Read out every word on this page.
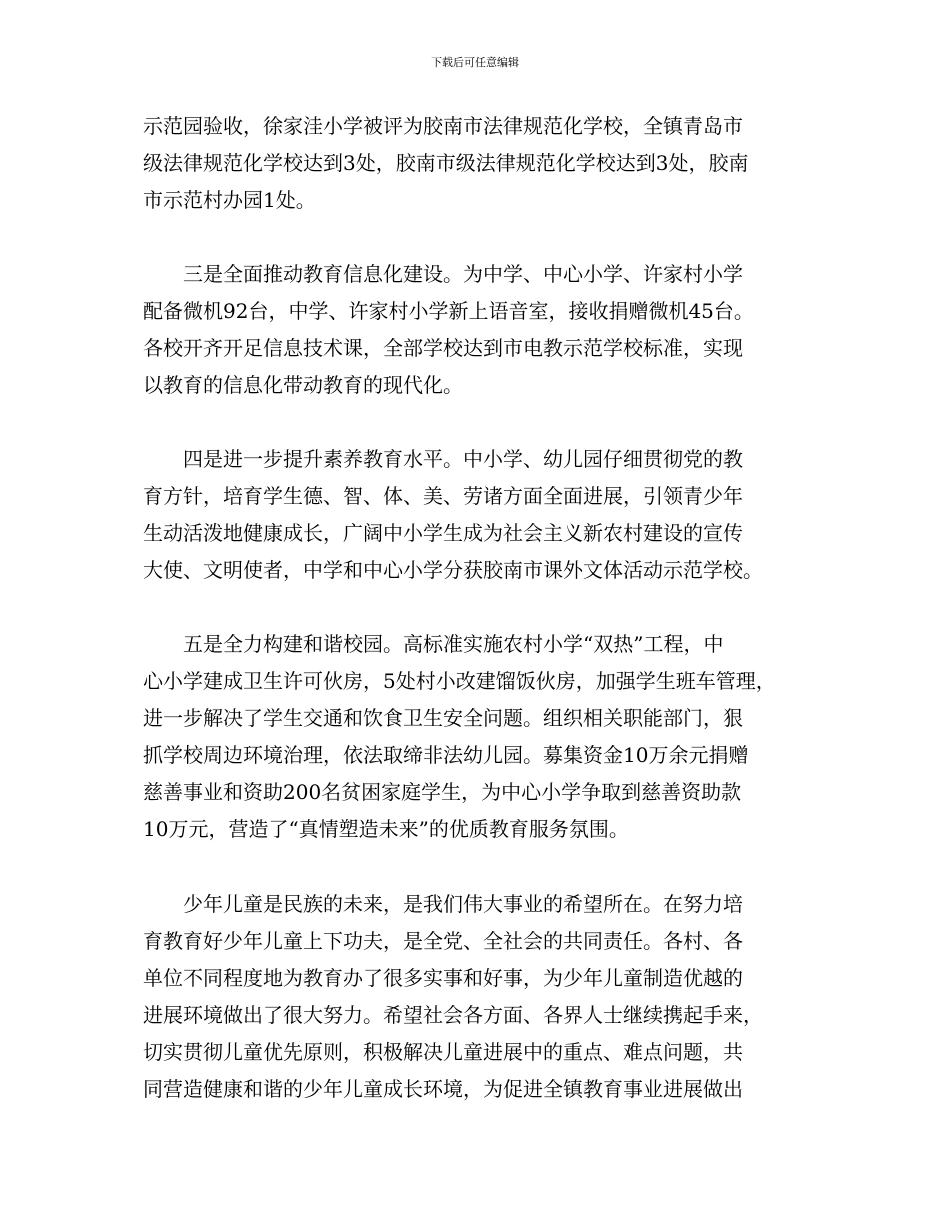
下载后可任意编辑
示范园验收，徐家洼小学被评为胶南市法律规范化学校，全镇青岛市
级法律规范化学校达到3处，胶南市级法律规范化学校达到3处，胶南
市示范村办园1处。
三是全面推动教育信息化建设。为中学、中心小学、许家村小学
配备微机92台，中学、许家村小学新上语音室，接收捐赠微机45台。
各校开齐开足信息技术课，全部学校达到市电教示范学校标准，实现
以教育的信息化带动教育的现代化。
四是进一步提升素养教育水平。中小学、幼儿园仔细贯彻党的教
育方针，培育学生德、智、体、美、劳诸方面全面进展，引领青少年
生动活泼地健康成长，广阔中小学生成为社会主义新农村建设的宣传
大使、文明使者，中学和中心小学分获胶南市课外文体活动示范学校。
五是全力构建和谐校园。高标准实施农村小学“双热”工程，中
心小学建成卫生许可伙房，5处村小改建馏饭伙房，加强学生班车管理，
进一步解决了学生交通和饮食卫生安全问题。组织相关职能部门，狠
抓学校周边环境治理，依法取缔非法幼儿园。募集资金10万余元捐赠
慈善事业和资助200名贫困家庭学生，为中心小学争取到慈善资助款
10万元，营造了“真情塑造未来”的优质教育服务氛围。
少年儿童是民族的未来，是我们伟大事业的希望所在。在努力培
育教育好少年儿童上下功夫，是全党、全社会的共同责任。各村、各
单位不同程度地为教育办了很多实事和好事，为少年儿童制造优越的
进展环境做出了很大努力。希望社会各方面、各界人士继续携起手来，
切实贯彻儿童优先原则，积极解决儿童进展中的重点、难点问题，共
同营造健康和谐的少年儿童成长环境，为促进全镇教育事业进展做出
